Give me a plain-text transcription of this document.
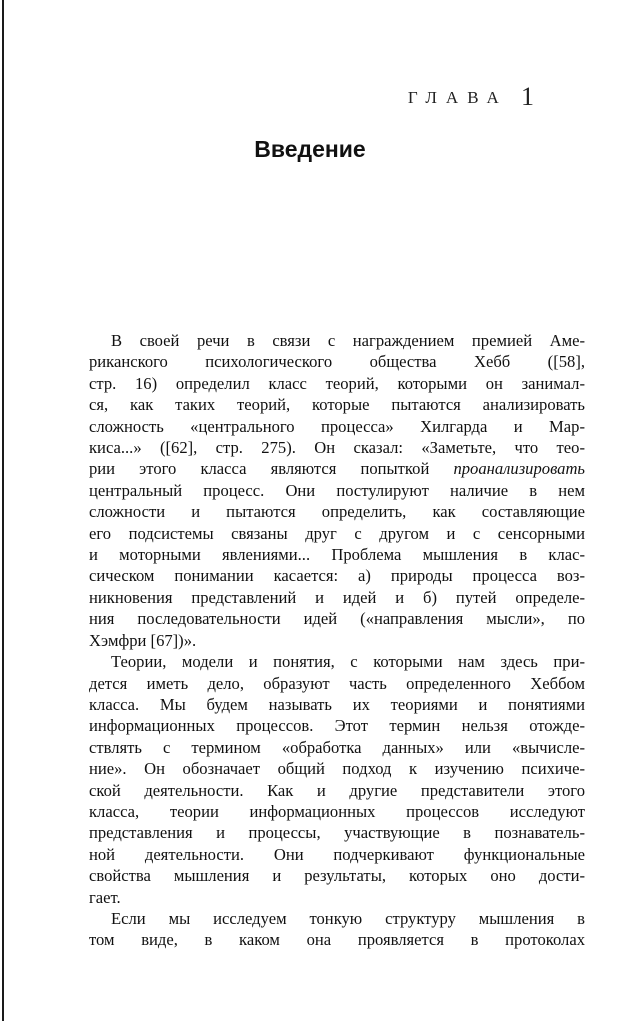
ГЛАВА 1
Введение
В своей речи в связи с награждением премией Аме-
риканского психологического общества Хебб ([58],
стр. 16) определил класс теорий, которыми он занимал-
ся, как таких теорий, которые пытаются анализировать
сложность «центрального процесса» Хилгарда и Мар-
киса...» ([62], стр. 275). Он сказал: «Заметьте, что тео-
рии этого класса являются попыткой проанализировать
центральный процесс. Они постулируют наличие в нем
сложности и пытаются определить, как составляющие
его подсистемы связаны друг с другом и с сенсорными
и моторными явлениями... Проблема мышления в клас-
сическом понимании касается: а) природы процесса воз-
никновения представлений и идей и б) путей определе-
ния последовательности идей («направления мысли», по
Хэмфри [67])».
Теории, модели и понятия, с которыми нам здесь при-
дется иметь дело, образуют часть определенного Хеббом
класса. Мы будем называть их теориями и понятиями
информационных процессов. Этот термин нельзя отожде-
ствлять с термином «обработка данных» или «вычисле-
ние». Он обозначает общий подход к изучению психиче-
ской деятельности. Как и другие представители этого
класса, теории информационных процессов исследуют
представления и процессы, участвующие в познаватель-
ной деятельности. Они подчеркивают функциональные
свойства мышления и результаты, которых оно дости-
гает.
Если мы исследуем тонкую структуру мышления в
том виде, в каком она проявляется в протоколах
